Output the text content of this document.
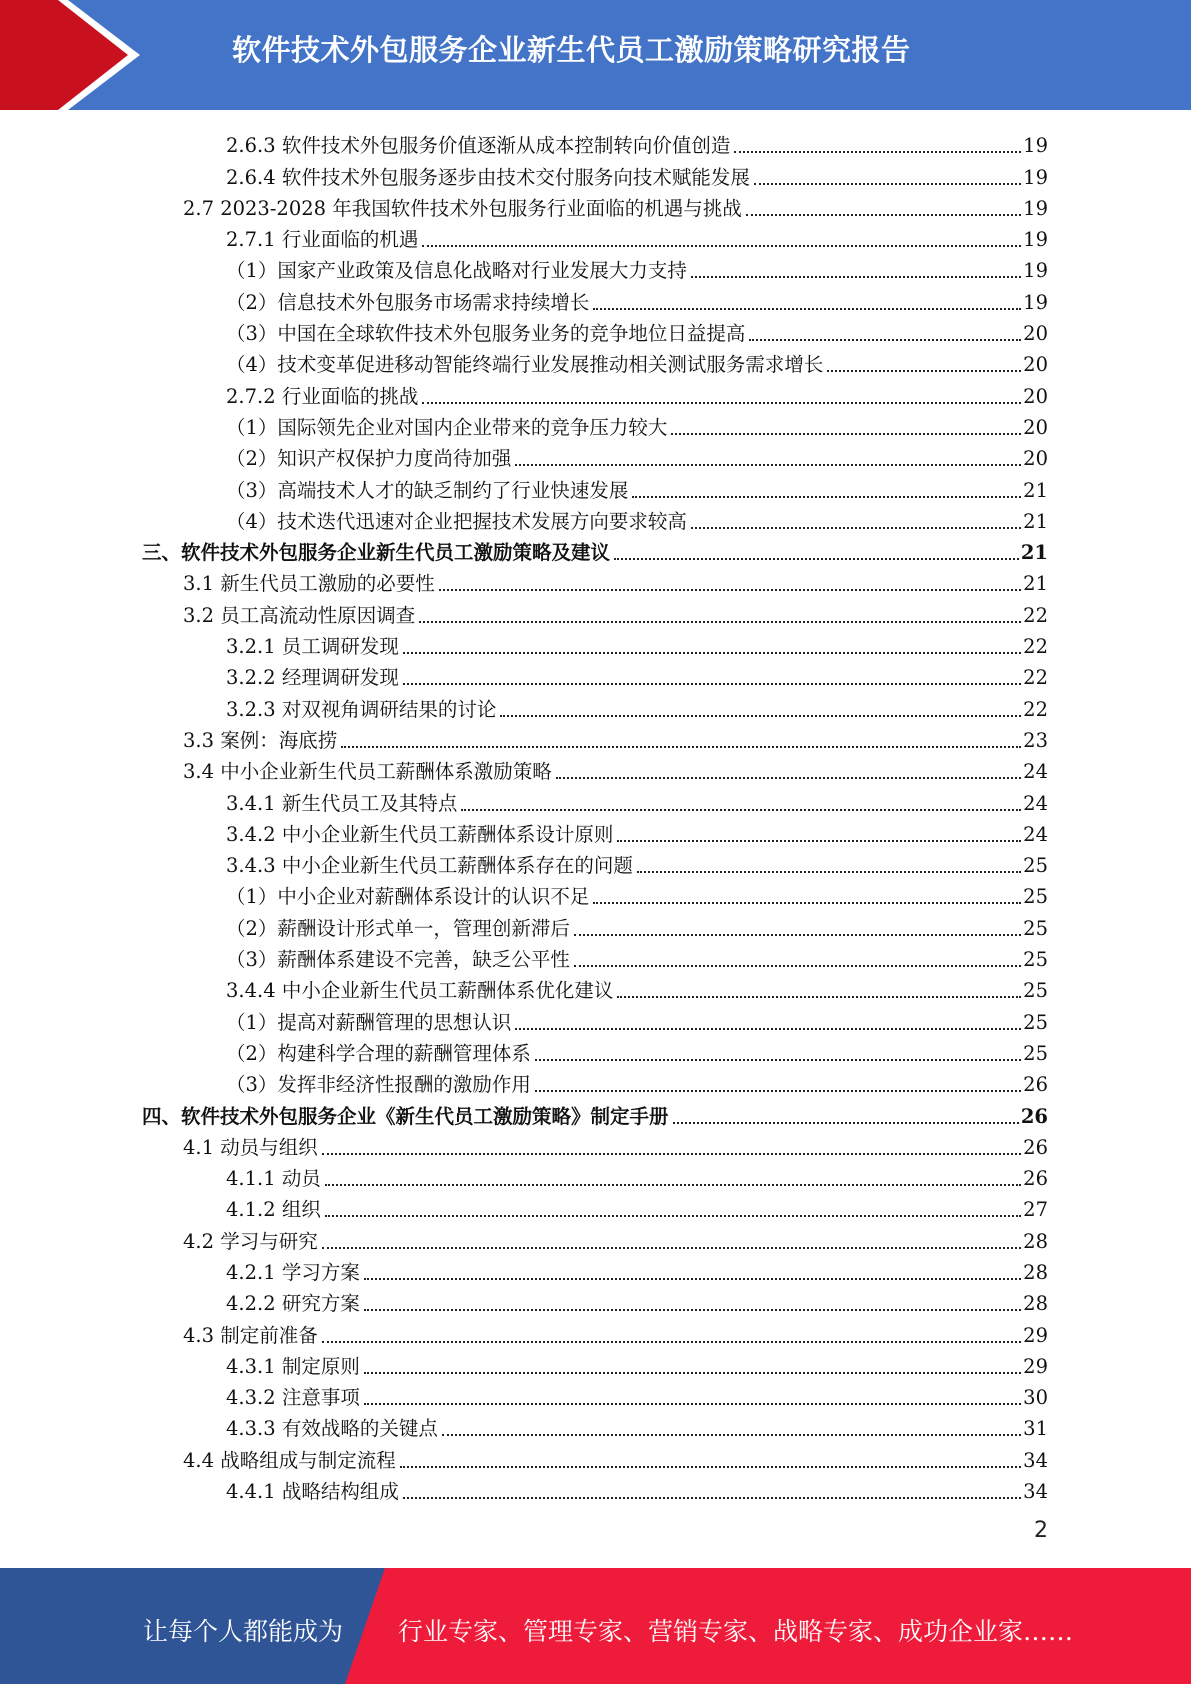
软件技术外包服务企业新生代员工激励策略研究报告
2.6.3 软件技术外包服务价值逐渐从成本控制转向价值创造	19
2.6.4 软件技术外包服务逐步由技术交付服务向技术赋能发展	19
2.7 2023-2028 年我国软件技术外包服务行业面临的机遇与挑战	19
2.7.1 行业面临的机遇	19
（1）国家产业政策及信息化战略对行业发展大力支持	19
（2）信息技术外包服务市场需求持续增长	19
（3）中国在全球软件技术外包服务业务的竞争地位日益提高	20
（4）技术变革促进移动智能终端行业发展推动相关测试服务需求增长	20
2.7.2 行业面临的挑战	20
（1）国际领先企业对国内企业带来的竞争压力较大	20
（2）知识产权保护力度尚待加强	20
（3）高端技术人才的缺乏制约了行业快速发展	21
（4）技术迭代迅速对企业把握技术发展方向要求较高	21
三、软件技术外包服务企业新生代员工激励策略及建议	21
3.1 新生代员工激励的必要性	21
3.2 员工高流动性原因调查	22
3.2.1 员工调研发现	22
3.2.2 经理调研发现	22
3.2.3 对双视角调研结果的讨论	22
3.3 案例：海底捞	23
3.4 中小企业新生代员工薪酬体系激励策略	24
3.4.1 新生代员工及其特点	24
3.4.2 中小企业新生代员工薪酬体系设计原则	24
3.4.3 中小企业新生代员工薪酬体系存在的问题	25
（1）中小企业对薪酬体系设计的认识不足	25
（2）薪酬设计形式单一，管理创新滞后	25
（3）薪酬体系建设不完善，缺乏公平性	25
3.4.4 中小企业新生代员工薪酬体系优化建议	25
（1）提高对薪酬管理的思想认识	25
（2）构建科学合理的薪酬管理体系	25
（3）发挥非经济性报酬的激励作用	26
四、软件技术外包服务企业《新生代员工激励策略》制定手册	26
4.1 动员与组织	26
4.1.1 动员	26
4.1.2 组织	27
4.2 学习与研究	28
4.2.1 学习方案	28
4.2.2 研究方案	28
4.3 制定前准备	29
4.3.1 制定原则	29
4.3.2 注意事项	30
4.3.3 有效战略的关键点	31
4.4 战略组成与制定流程	34
4.4.1 战略结构组成	34
2
让每个人都能成为 行业专家、管理专家、营销专家、战略专家、成功企业家……
